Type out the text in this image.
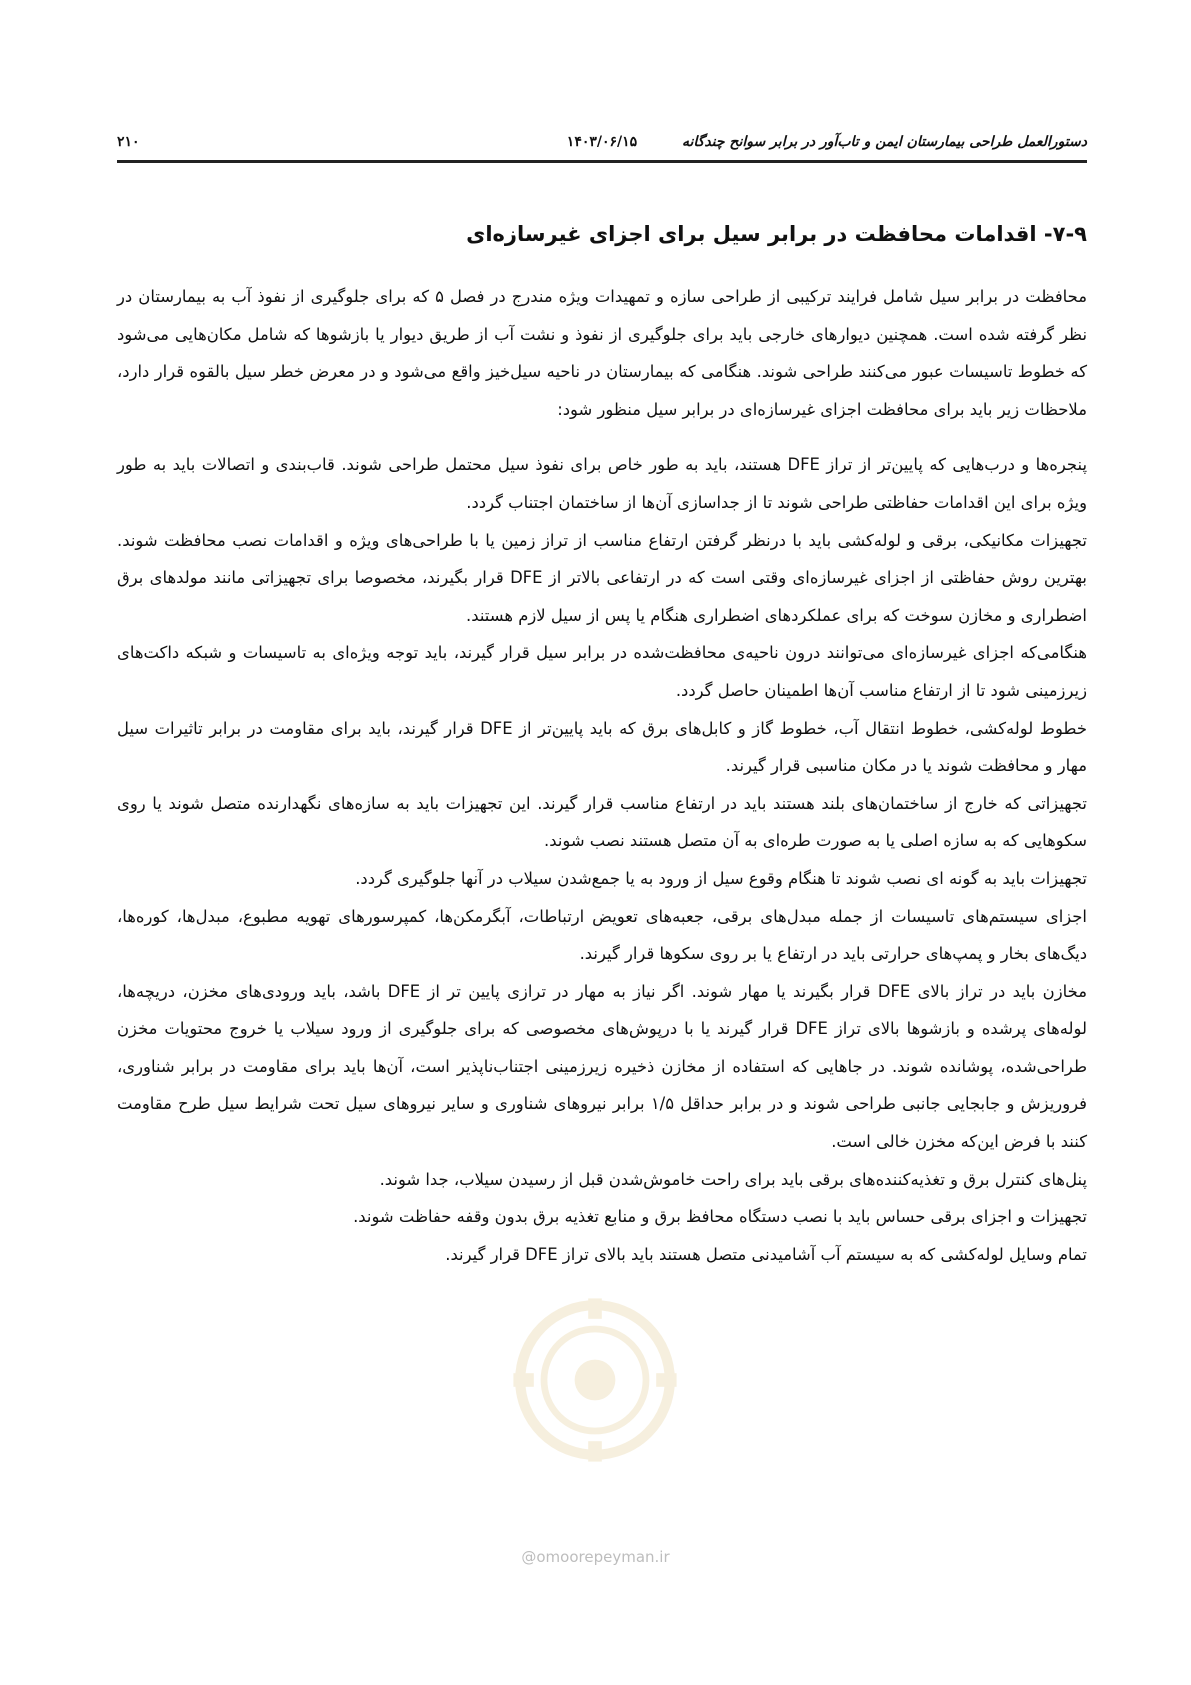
دستورالعمل طراحی بیمارستان ایمن و تاب‌آور در برابر سوانح چندگانه
۱۴۰۳/۰۶/۱۵
۲۱۰
۷-۹- اقدامات محافظت در برابر سیل برای اجزای غیرسازه‌ای

محافظت در برابر سیل شامل فرایند ترکیبی از طراحی سازه و تمهیدات ویژه مندرج در فصل ۵ که برای جلوگیری از نفوذ آب به بیمارستان در نظر گرفته شده است. همچنین دیوارهای خارجی باید برای جلوگیری از نفوذ و نشت آب از طریق دیوار یا بازشوها که شامل مکان‌هایی می‌شود که خطوط تاسیسات عبور می‌کنند طراحی شوند. هنگامی که بیمارستان در ناحیه سیل‌خیز واقع می‌شود و در معرض خطر سیل بالقوه قرار دارد، ملاحظات زیر باید برای محافظت اجزای غیرسازه‌ای در برابر سیل منظور شود:

پنجره‌ها و درب‌هایی که پایین‌تر از تراز DFE هستند، باید به طور خاص برای نفوذ سیل محتمل طراحی شوند. قاب‌بندی و اتصالات باید به طور ویژه برای این اقدامات حفاظتی طراحی شوند تا از جداسازی آن‌ها از ساختمان اجتناب گردد.

تجهیزات مکانیکی، برقی و لوله‌کشی باید با درنظر گرفتن ارتفاع مناسب از تراز زمین یا با طراحی‌های ویژه و اقدامات نصب محافظت شوند. بهترین روش حفاظتی از اجزای غیرسازه‌ای وقتی است که در ارتفاعی بالاتر از DFE قرار بگیرند، مخصوصا برای تجهیزاتی مانند مولدهای برق اضطراری و مخازن سوخت که برای عملکردهای اضطراری هنگام یا پس از سیل لازم هستند.

هنگامی‌که اجزای غیرسازه‌ای می‌توانند درون ناحیه‌ی محافظت‌شده در برابر سیل قرار گیرند، باید توجه ویژه‌ای به تاسیسات و شبکه داکت‌های زیرزمینی شود تا از ارتفاع مناسب آن‌ها اطمینان حاصل گردد.

خطوط لوله‌کشی، خطوط انتقال آب، خطوط گاز و کابل‌های برق که باید پایین‌تر از DFE قرار گیرند، باید برای مقاومت در برابر تاثیرات سیل مهار و محافظت شوند یا در مکان مناسبی قرار گیرند.

تجهیزاتی که خارج از ساختمان‌های بلند هستند باید در ارتفاع مناسب قرار گیرند. این تجهیزات باید به سازه‌های نگهدارنده متصل شوند یا روی سکوهایی که به سازه اصلی یا به صورت طره‌ای به آن متصل هستند نصب شوند.

تجهیزات باید به گونه ای نصب شوند تا هنگام وقوع سیل از ورود به یا جمع‌شدن سیلاب در آنها جلوگیری گردد.

اجزای سیستم‌های تاسیسات از جمله مبدل‌های برقی، جعبه‌های تعویض ارتباطات، آبگرمکن‌ها، کمپرسورهای تهویه مطبوع، مبدل‌ها، کوره‌ها، دیگ‌های بخار و پمپ‌های حرارتی باید در ارتفاع یا بر روی سکوها قرار گیرند.

مخازن باید در تراز بالای DFE قرار بگیرند یا مهار شوند. اگر نیاز به مهار در ترازی پایین تر از DFE باشد، باید ورودی‌های مخزن، دریچه‌ها، لوله‌های پرشده و بازشوها بالای تراز DFE قرار گیرند یا با درپوش‌های مخصوصی که برای جلوگیری از ورود سیلاب یا خروج محتویات مخزن طراحی‌شده، پوشانده شوند. در جاهایی که استفاده از مخازن ذخیره زیرزمینی اجتناب‌ناپذیر است، آن‌ها باید برای مقاومت در برابر شناوری، فروریزش و جابجایی جانبی طراحی شوند و در برابر حداقل ۱/۵ برابر نیروهای شناوری و سایر نیروهای سیل تحت شرایط سیل طرح مقاومت کنند با فرض این‌که مخزن خالی است.

پنل‌های کنترل برق و تغذیه‌کننده‌های برقی باید برای راحت خاموش‌شدن قبل از رسیدن سیلاب، جدا شوند.

تجهیزات و اجزای برقی حساس باید با نصب دستگاه محافظ برق و منابع تغذیه برق بدون وقفه حفاظت شوند.

تمام وسایل لوله‌کشی که به سیستم آب آشامیدنی متصل هستند باید بالای تراز DFE قرار گیرند.

@omoorepeyman.ir
